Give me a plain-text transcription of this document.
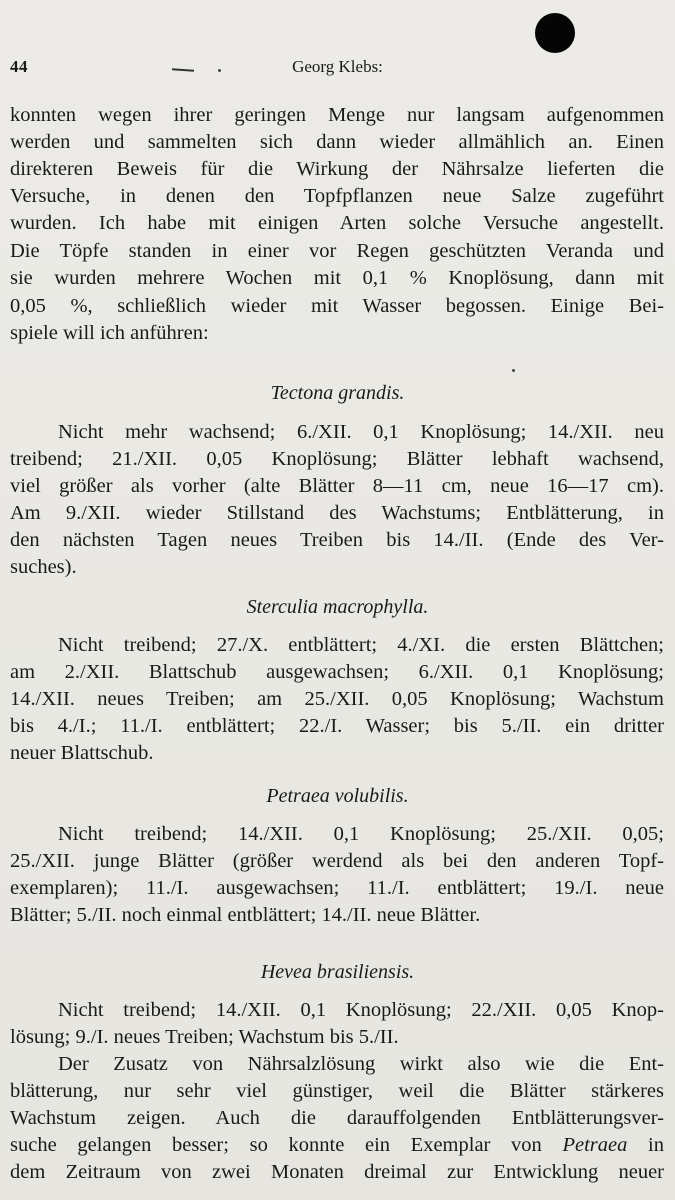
44	Georg Klebs:
konnten wegen ihrer geringen Menge nur langsam aufgenommen
werden und sammelten sich dann wieder allmählich an. Einen
direkteren Beweis für die Wirkung der Nährsalze lieferten die
Versuche, in denen den Topfpflanzen neue Salze zugeführt
wurden. Ich habe mit einigen Arten solche Versuche angestellt.
Die Töpfe standen in einer vor Regen geschützten Veranda und
sie wurden mehrere Wochen mit 0,1 % Knoplösung, dann mit
0,05 %, schließlich wieder mit Wasser begossen. Einige Bei-
spiele will ich anführen:
Tectona grandis.
Nicht mehr wachsend; 6./XII. 0,1 Knoplösung; 14./XII. neu
treibend; 21./XII. 0,05 Knoplösung; Blätter lebhaft wachsend,
viel größer als vorher (alte Blätter 8—11 cm, neue 16—17 cm).
Am 9./XII. wieder Stillstand des Wachstums; Entblätterung, in
den nächsten Tagen neues Treiben bis 14./II. (Ende des Ver-
suches).
Sterculia macrophylla.
Nicht treibend; 27./X. entblättert; 4./XI. die ersten Blättchen;
am 2./XII. Blattschub ausgewachsen; 6./XII. 0,1 Knoplösung;
14./XII. neues Treiben; am 25./XII. 0,05 Knoplösung; Wachstum
bis 4./I.; 11./I. entblättert; 22./I. Wasser; bis 5./II. ein dritter
neuer Blattschub.
Petraea volubilis.
Nicht treibend; 14./XII. 0,1 Knoplösung; 25./XII. 0,05;
25./XII. junge Blätter (größer werdend als bei den anderen Topf-
exemplaren); 11./I. ausgewachsen; 11./I. entblättert; 19./I. neue
Blätter; 5./II. noch einmal entblättert; 14./II. neue Blätter.
Hevea brasiliensis.
Nicht treibend; 14./XII. 0,1 Knoplösung; 22./XII. 0,05 Knop-
lösung; 9./I. neues Treiben; Wachstum bis 5./II.
Der Zusatz von Nährsalzlösung wirkt also wie die Ent-
blätterung, nur sehr viel günstiger, weil die Blätter stärkeres
Wachstum zeigen. Auch die darauffolgenden Entblätterungsver-
suche gelangen besser; so konnte ein Exemplar von Petraea in
dem Zeitraum von zwei Monaten dreimal zur Entwicklung neuer
